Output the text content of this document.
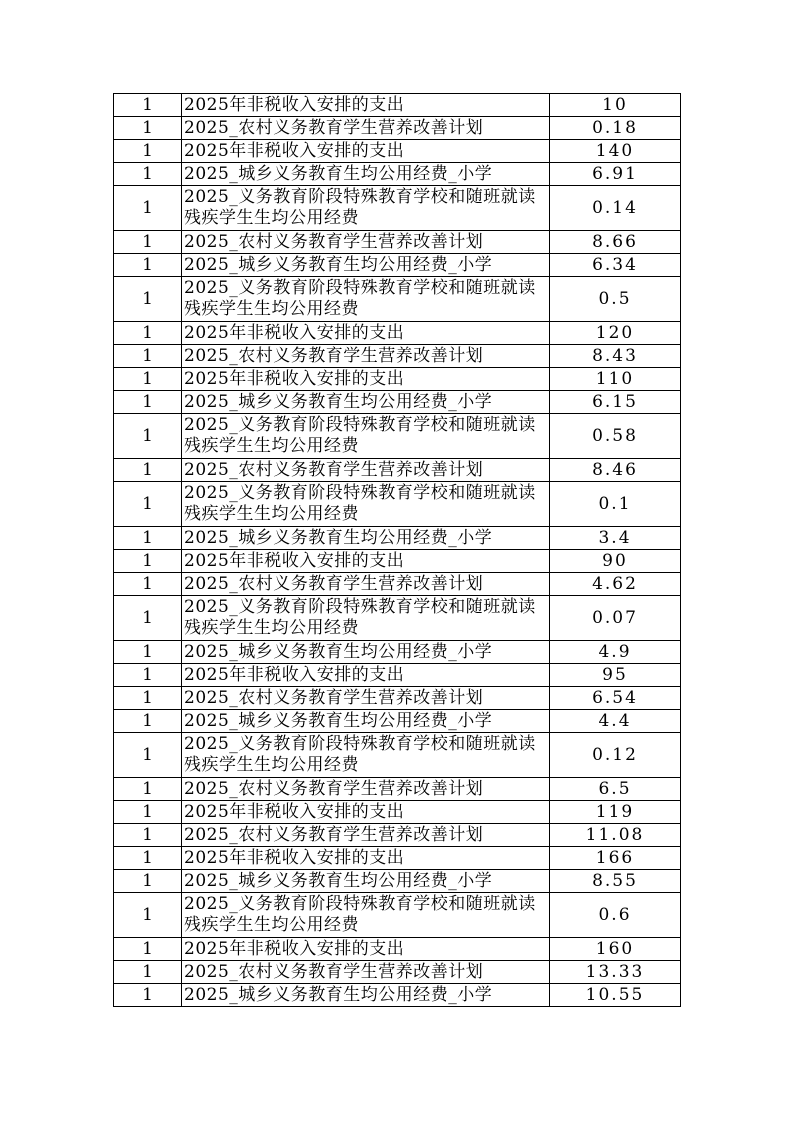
1	2025年非税收入安排的支出	10
1	2025_农村义务教育学生营养改善计划	0.18
1	2025年非税收入安排的支出	140
1	2025_城乡义务教育生均公用经费_小学	6.91
1	2025_义务教育阶段特殊教育学校和随班就读残疾学生生均公用经费	0.14
1	2025_农村义务教育学生营养改善计划	8.66
1	2025_城乡义务教育生均公用经费_小学	6.34
1	2025_义务教育阶段特殊教育学校和随班就读残疾学生生均公用经费	0.5
1	2025年非税收入安排的支出	120
1	2025_农村义务教育学生营养改善计划	8.43
1	2025年非税收入安排的支出	110
1	2025_城乡义务教育生均公用经费_小学	6.15
1	2025_义务教育阶段特殊教育学校和随班就读残疾学生生均公用经费	0.58
1	2025_农村义务教育学生营养改善计划	8.46
1	2025_义务教育阶段特殊教育学校和随班就读残疾学生生均公用经费	0.1
1	2025_城乡义务教育生均公用经费_小学	3.4
1	2025年非税收入安排的支出	90
1	2025_农村义务教育学生营养改善计划	4.62
1	2025_义务教育阶段特殊教育学校和随班就读残疾学生生均公用经费	0.07
1	2025_城乡义务教育生均公用经费_小学	4.9
1	2025年非税收入安排的支出	95
1	2025_农村义务教育学生营养改善计划	6.54
1	2025_城乡义务教育生均公用经费_小学	4.4
1	2025_义务教育阶段特殊教育学校和随班就读残疾学生生均公用经费	0.12
1	2025_农村义务教育学生营养改善计划	6.5
1	2025年非税收入安排的支出	119
1	2025_农村义务教育学生营养改善计划	11.08
1	2025年非税收入安排的支出	166
1	2025_城乡义务教育生均公用经费_小学	8.55
1	2025_义务教育阶段特殊教育学校和随班就读残疾学生生均公用经费	0.6
1	2025年非税收入安排的支出	160
1	2025_农村义务教育学生营养改善计划	13.33
1	2025_城乡义务教育生均公用经费_小学	10.55
